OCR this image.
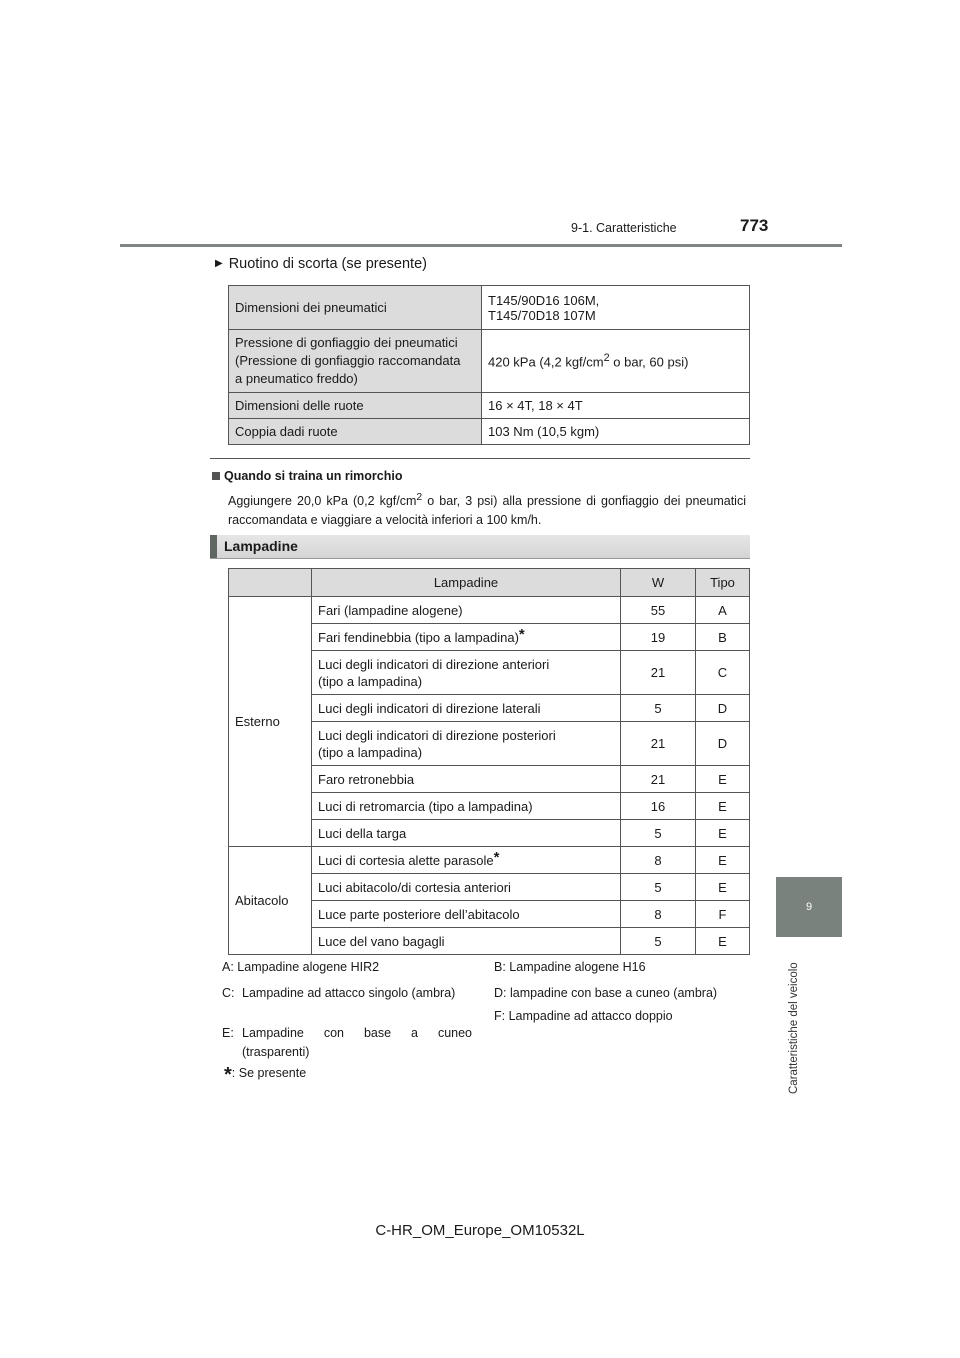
9-1. Caratteristiche	773
9
Caratteristiche del veicolo
▶ Ruotino di scorta (se presente)
Dimensioni dei pneumatici	T145/90D16 106M,
T145/70D18 107M

Pressione di gonfiaggio dei pneumatici
(Pressione di gonfiaggio raccomandata
a pneumatico freddo)	420 kPa (4,2 kgf/$cm^2$ o bar, 60 psi)
Dimensioni delle ruote	16 × 4T, 18 × 4T
Coppia dadi ruote	103 Nm (10,5 kgm)
Quando si traina un rimorchio
Aggiungere 20,0 kPa (0,2 kgf/$cm^2$ o bar, 3 psi) alla pressione di gonfiaggio dei pneumatici raccomandata e viaggiare a velocità inferiori a 100 km/h.
Lampadine
	Lampadine	W	Tipo
Esterno	Fari (lampadine alogene)	55	A
	Fari fendinebbia (tipo a lampadina)*	19	B

	Luci degli indicatori di direzione anteriori
(tipo a lampadina)	21	C
	Luci degli indicatori di direzione laterali	5	D

	Luci degli indicatori di direzione posteriori
(tipo a lampadina)	21	D
	Faro retronebbia	21	E
	Luci di retromarcia (tipo a lampadina)	16	E
	Luci della targa	5	E
Abitacolo	Luci di cortesia alette parasole*	8	E
	Luci abitacolo/di cortesia anteriori	5	E
	Luce parte posteriore dell’abitacolo	8	F
	Luce del vano bagagli	5	E
A: Lampadine alogene HIR2	B: Lampadine alogene H16
C: Lampadine ad attacco singolo (ambra)	D: lampadine con base a cuneo (ambra)
F: Lampadine ad attacco doppio
E: Lampadine con base a cuneo (trasparenti)
*: Se presente
C-HR_OM_Europe_OM10532L
